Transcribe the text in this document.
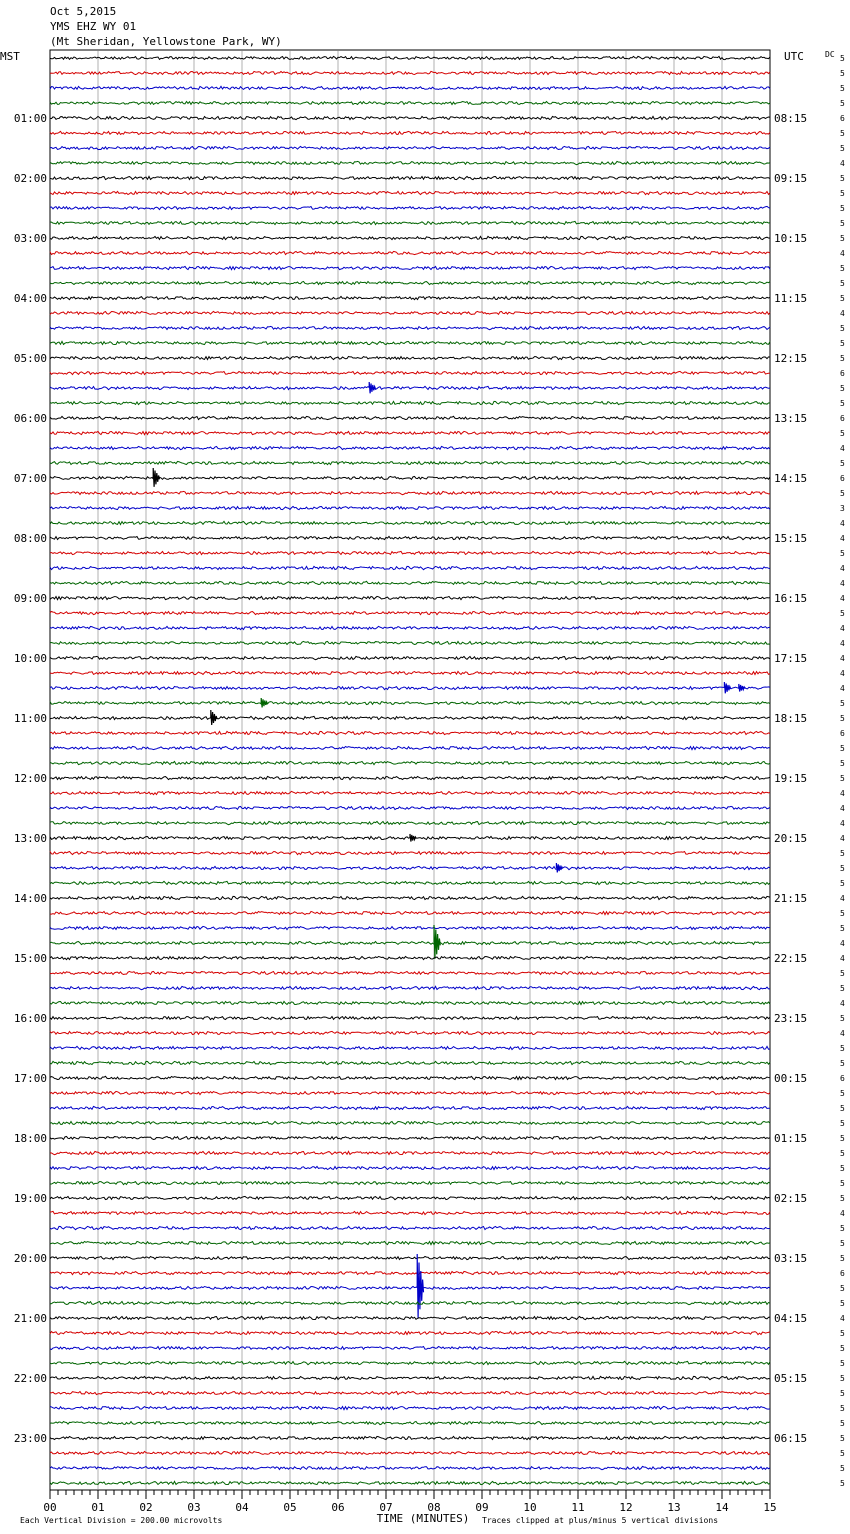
Oct 5,2015
YMS EHZ WY 01
(Mt Sheridan, Yellowstone Park, WY)
5
5
5
5
6
5
5
4
5
5
5
5
5
4
5
5
5
4
5
5
5
6
5
5
6
5
4
5
6
5
3
4
4
5
4
4
4
5
4
4
4
4
4
5
5
6
5
5
5
4
4
4
4
5
5
5
4
5
5
4
4
5
5
4
5
4
5
5
6
5
5
5
5
5
5
5
5
4
5
5
5
6
5
5
4
5
5
5
5
5
5
5
5
5
5
5
MST	UTC	DC
01:00
02:00
03:00
04:00
05:00
06:00
07:00
08:00
09:00
10:00
11:00
12:00
13:00
14:00
15:00
16:00
17:00
18:00
19:00
20:00
21:00
22:00
23:00
08:15
09:15
10:15
11:15
12:15
13:15
14:15
15:15
16:15
17:15
18:15
19:15
20:15
21:15
22:15
23:15
00:15
01:15
02:15
03:15
04:15
05:15
06:15
00	01	02	03	04	05	06	07	08	09	10	11	12	13	14	15
Each Vertical Division = 200.00 microvolts	TIME (MINUTES) Traces clipped at plus/minus 5 vertical divisions
